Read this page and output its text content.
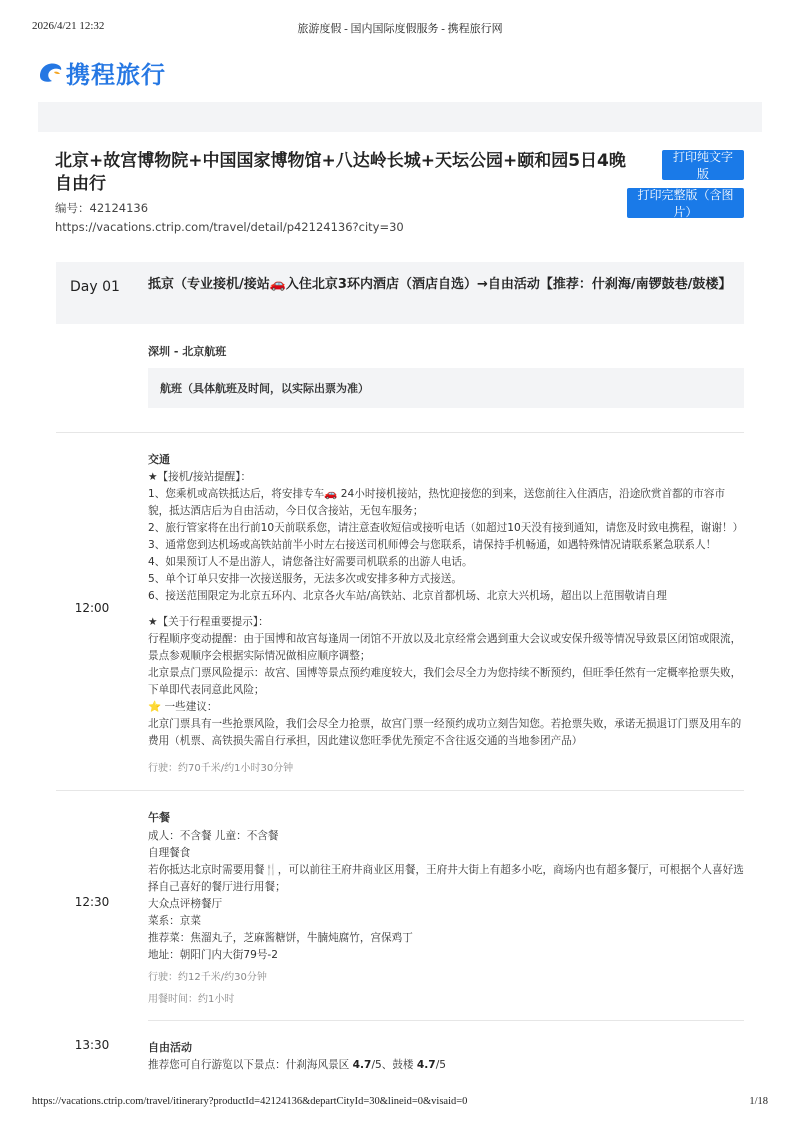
2026/4/21 12:32	旅游度假 - 国内国际度假服务 - 携程旅行网
携程旅行
北京+故宫博物院+中国国家博物馆+八达岭长城+天坛公园+颐和园5日4晚自由行
编号：42124136
https://vacations.ctrip.com/travel/detail/p42124136?city=30
打印纯文字版
打印完整版（含图片）
Day 01 抵京（专业接机/接站🚗入住北京3环内酒店（酒店自选）→自由活动【推荐：什刹海/南锣鼓巷/鼓楼】
深圳 - 北京航班
航班（具体航班及时间，以实际出票为准）
12:00
交通

★【接机/接站提醒】：

1、您乘机或高铁抵达后，将安排专车🚗 24小时接机接站，热忱迎接您的到来，送您前往入住酒店，沿途欣赏首都的市容市貌，抵达酒店后为自由活动，今日仅含接站，无包车服务；

2、旅行管家将在出行前10天前联系您，请注意查收短信或接听电话（如超过10天没有接到通知，请您及时致电携程，谢谢！）

3、通常您到达机场或高铁站前半小时左右接送司机师傅会与您联系，请保持手机畅通，如遇特殊情况请联系紧急联系人！

4、如果预订人不是出游人，请您备注好需要司机联系的出游人电话。

5、单个订单只安排一次接送服务，无法多次或安排多种方式接送。

6、接送范围限定为北京五环内、北京各火车站/高铁站、北京首都机场、北京大兴机场，超出以上范围敬请自理

★【关于行程重要提示】：

行程顺序变动提醒：由于国博和故宫每逢周一闭馆不开放以及北京经常会遇到重大会议或安保升级等情况导致景区闭馆或限流，景点参观顺序会根据实际情况做相应顺序调整；

北京景点门票风险提示：故宫、国博等景点预约难度较大，我们会尽全力为您持续不断预约，但旺季任然有一定概率抢票失败，下单即代表同意此风险；

⭐ 一些建议：

北京门票具有一些抢票风险，我们会尽全力抢票，故宫门票一经预约成功立刻告知您。若抢票失败，承诺无损退订门票及用车的费用（机票、高铁损失需自行承担，因此建议您旺季优先预定不含往返交通的当地参团产品）

行驶：约70千米/约1小时30分钟
12:30
午餐

成人：不含餐 儿童：不含餐

自理餐食

若你抵达北京时需要用餐🍴，可以前往王府井商业区用餐，王府井大街上有超多小吃，商场内也有超多餐厅，可根据个人喜好选择自己喜好的餐厅进行用餐；

大众点评榜餐厅

菜系：京菜

推荐菜：焦溜丸子，芝麻酱糖饼，牛腩炖腐竹，宫保鸡丁

地址：朝阳门内大街79号-2

行驶：约12千米/约30分钟
用餐时间：约1小时
13:30	自由活动
推荐您可自行游览以下景点：什刹海风景区 4.7/5、鼓楼 4.7/5
https://vacations.ctrip.com/travel/itinerary?productId=42124136&departCityId=30&lineid=0&visaid=0	1/18
